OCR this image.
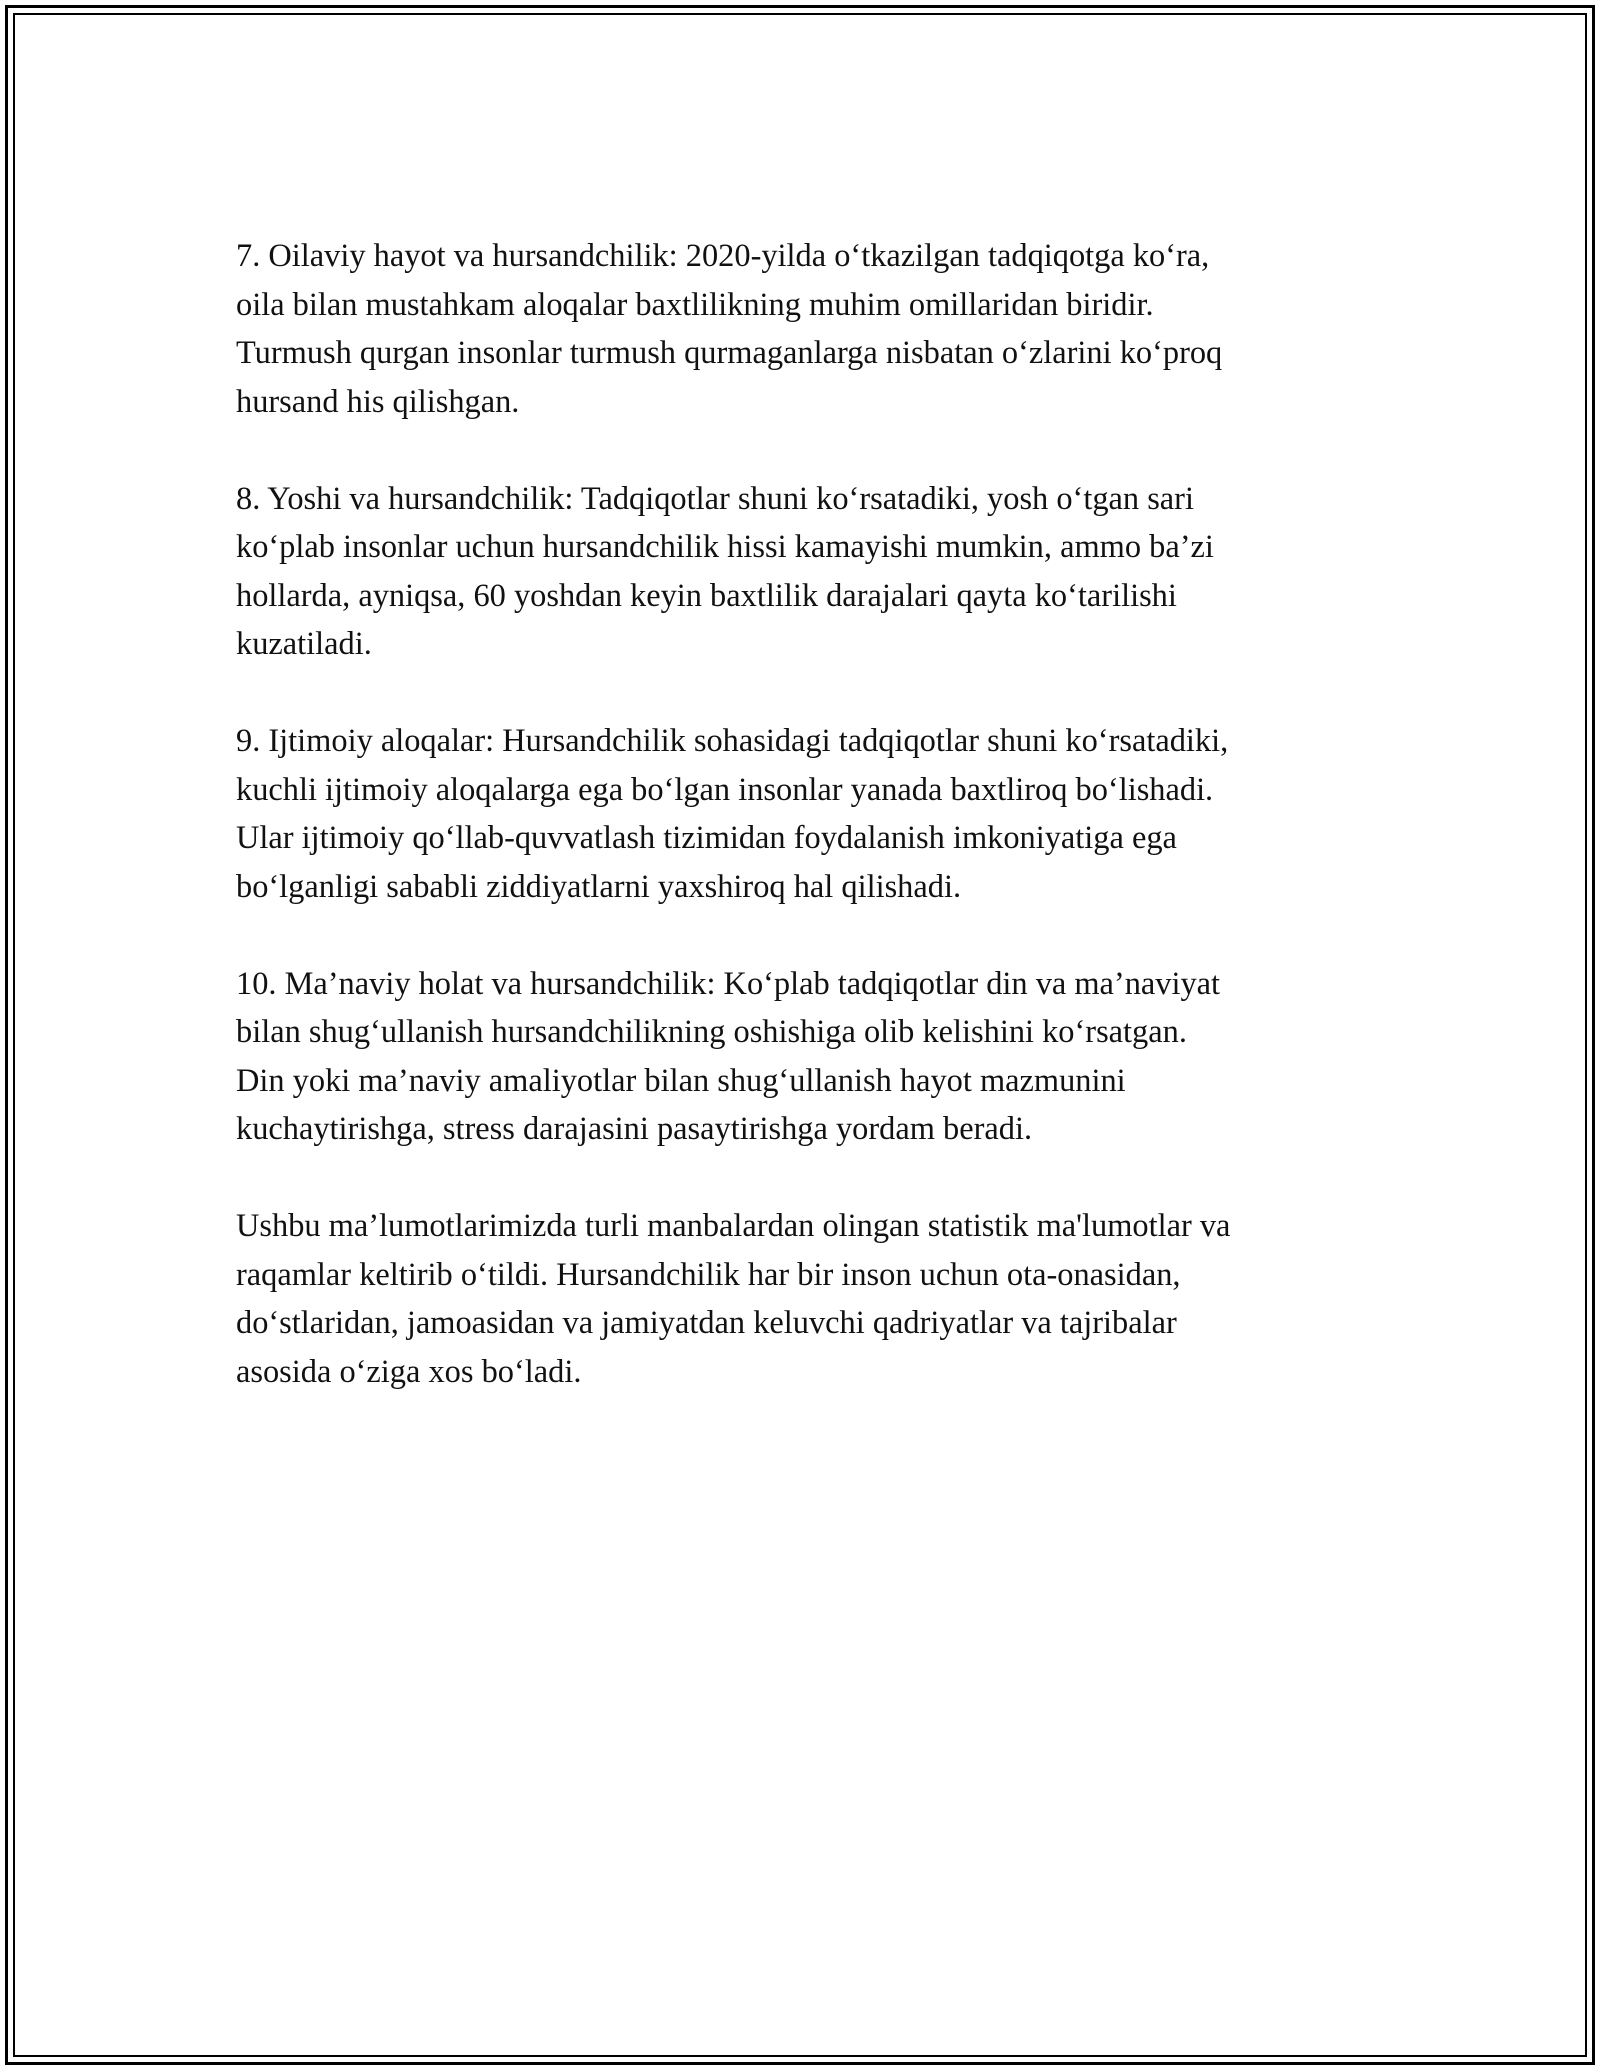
7. Oilaviy hayot va hursandchilik: 2020-yilda o‘tkazilgan tadqiqotga ko‘ra,
oila bilan mustahkam aloqalar baxtlilikning muhim omillaridan biridir.
Turmush qurgan insonlar turmush qurmaganlarga nisbatan o‘zlarini ko‘proq
hursand his qilishgan.

8. Yoshi va hursandchilik: Tadqiqotlar shuni ko‘rsatadiki, yosh o‘tgan sari
ko‘plab insonlar uchun hursandchilik hissi kamayishi mumkin, ammo ba’zi
hollarda, ayniqsa, 60 yoshdan keyin baxtlilik darajalari qayta ko‘tarilishi
kuzatiladi.

9. Ijtimoiy aloqalar: Hursandchilik sohasidagi tadqiqotlar shuni ko‘rsatadiki,
kuchli ijtimoiy aloqalarga ega bo‘lgan insonlar yanada baxtliroq bo‘lishadi.
Ular ijtimoiy qo‘llab-quvvatlash tizimidan foydalanish imkoniyatiga ega
bo‘lganligi sababli ziddiyatlarni yaxshiroq hal qilishadi.

10. Ma’naviy holat va hursandchilik: Ko‘plab tadqiqotlar din va ma’naviyat
bilan shug‘ullanish hursandchilikning oshishiga olib kelishini ko‘rsatgan.
Din yoki ma’naviy amaliyotlar bilan shug‘ullanish hayot mazmunini
kuchaytirishga, stress darajasini pasaytirishga yordam beradi.

Ushbu ma’lumotlarimizda turli manbalardan olingan statistik ma'lumotlar va
raqamlar keltirib o‘tildi. Hursandchilik har bir inson uchun ota-onasidan,
do‘stlaridan, jamoasidan va jamiyatdan keluvchi qadriyatlar va tajribalar
asosida o‘ziga xos bo‘ladi.
